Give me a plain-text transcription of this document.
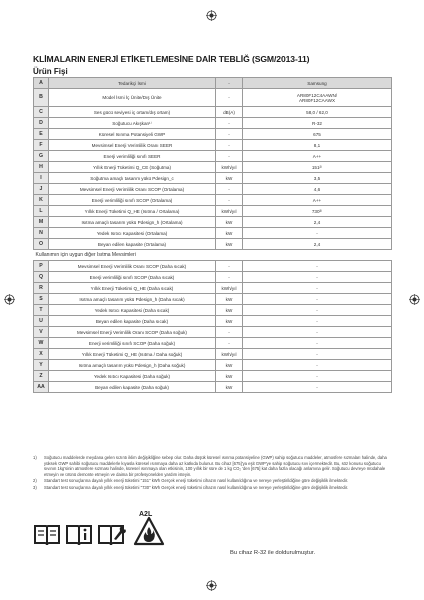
KLİMALARIN ENERJİ ETİKETLEMESİNE DAİR TEBLİĞ (SGM/2013-11)
Ürün Fişi
A	Tedarikçi İsmi	-	Samsung
B	Model İsmi İç Ünite/Dış Ünite	-	AR80F12C4AAWN/
AR80F12CAAWX

C	Ses gücü seviyesi iç ortam/dış ortam)	dB(A)	58,0 / 62,0
D	Soğutucu Akışkan¹⁾	-	R-32
E	Küresel Isınma Potansiyeli GWP	-	675
F	Mevsimsel Enerji Verimlilik Oranı SEER	-	8,1
G	Enerji verimliliği sınıfı SEER	-	A++
H	Yıllık Enerji Tüketimi Q_CE (Soğutma)	kWh/yıl	151²⁾
I	Soğutma amaçlı tasarım yükü Pdesign_c	kW	3,5
J	Mevsimsel Enerji Verimlilik Oranı SCOP (Ortalama)	-	4,6
K	Enerji verimliliği sınıfı SCOP (Ortalama)	-	A++
L	Yıllık Enerji Tüketimi Q_HE (Isıtma / Ortalama)	kWh/yıl	730³⁾
M	Isıtma amaçlı tasarım yükü Pdesign_h (Ortalama)	kW	2,4
N	Yedek Isıtıcı Kapasitesi (Ortalama)	kW	-
O	Beyan edilen kapasite (Ortalama)	kW	2,4
Kullanımın için uygun diğer Isıtma Mevsimleri			
P	Mevsimsel Enerji Verimlilik Oranı SCOP (Daha sıcak)	-	-
Q	Enerji verimliliği sınıfı SCOP (Daha sıcak)	-	-
R	Yıllık Enerji Tüketimi Q_HE (Daha sıcak)	kWh/yıl	-
S	Isıtma amaçlı tasarım yükü Pdesign_h (Daha sıcak)	kW	-
T	Yedek Isıtıcı Kapasitesi (Daha sıcak)	kW	-
U	Beyan edilen kapasite (Daha sıcak)	kW	-
V	Mevsimsel Enerji Verimlilik Oranı SCOP (Daha soğuk)	-	-
W	Enerji verimliliği sınıfı SCOP (Daha soğuk)	-	-
X	Yıllık Enerji Tüketimi Q_HE (Isıtma / Daha soğuk)	kWh/yıl	-
Y	Isıtma amaçlı tasarım yükü Pdesign_h (Daha soğuk)	kW	-
Z	Yedek Isıtıcı Kapasitesi (Daha soğuk)	kW	-
AA	Beyan edilen kapasite (Daha soğuk)	kW	-
1)	Soğutucu maddelerde meydana gelen sızıntı iklim değişikliğine sebep olur. Daha düşük küresel ısınma potansiyeline (GWP) sahip soğutucu maddeler, atmosfere sızmaları halinde, daha yüksek GWP sahibi soğutucu maddelerle kıyasla küresel ısınmaya daha az katkıda bulunur. Bu cihaz [675]'ya eşit GWP'ye sahip soğutucu sıvı içermektedir. Bu, söz konusu soğutucu sıvının 1kg'sinin atmosfere sızması halinde, küresel ısınmaya olan etkisinin, 100 yıllık bir süre de 1 kg CO₂ 'den [675] kat daha fazla olacağı anlamına gelir. Soğutucu devreye müdahale etmeyin ve ürünü demonte etmeyin ve daima bir profesyonelden yardım isteyin.
2)	Standart test sonuçlarına dayalı yıllık enerji tüketimi "151" kWh Gerçek enerji tüketimi cihazın nasıl kullanıldığına ve nereye yerleştirildiğine göre değişiklik ilmektedir.
3)	Standart test sonuçlarına dayalı yıllık enerji tüketimi "730" kWh Gerçek enerji tüketimi cihazın nasıl kullanıldığına ve nereye yerleştirildiğine göre değişiklik ilmektedir.
A2L
Bu cihaz R-32 ile doldurulmuştur.
